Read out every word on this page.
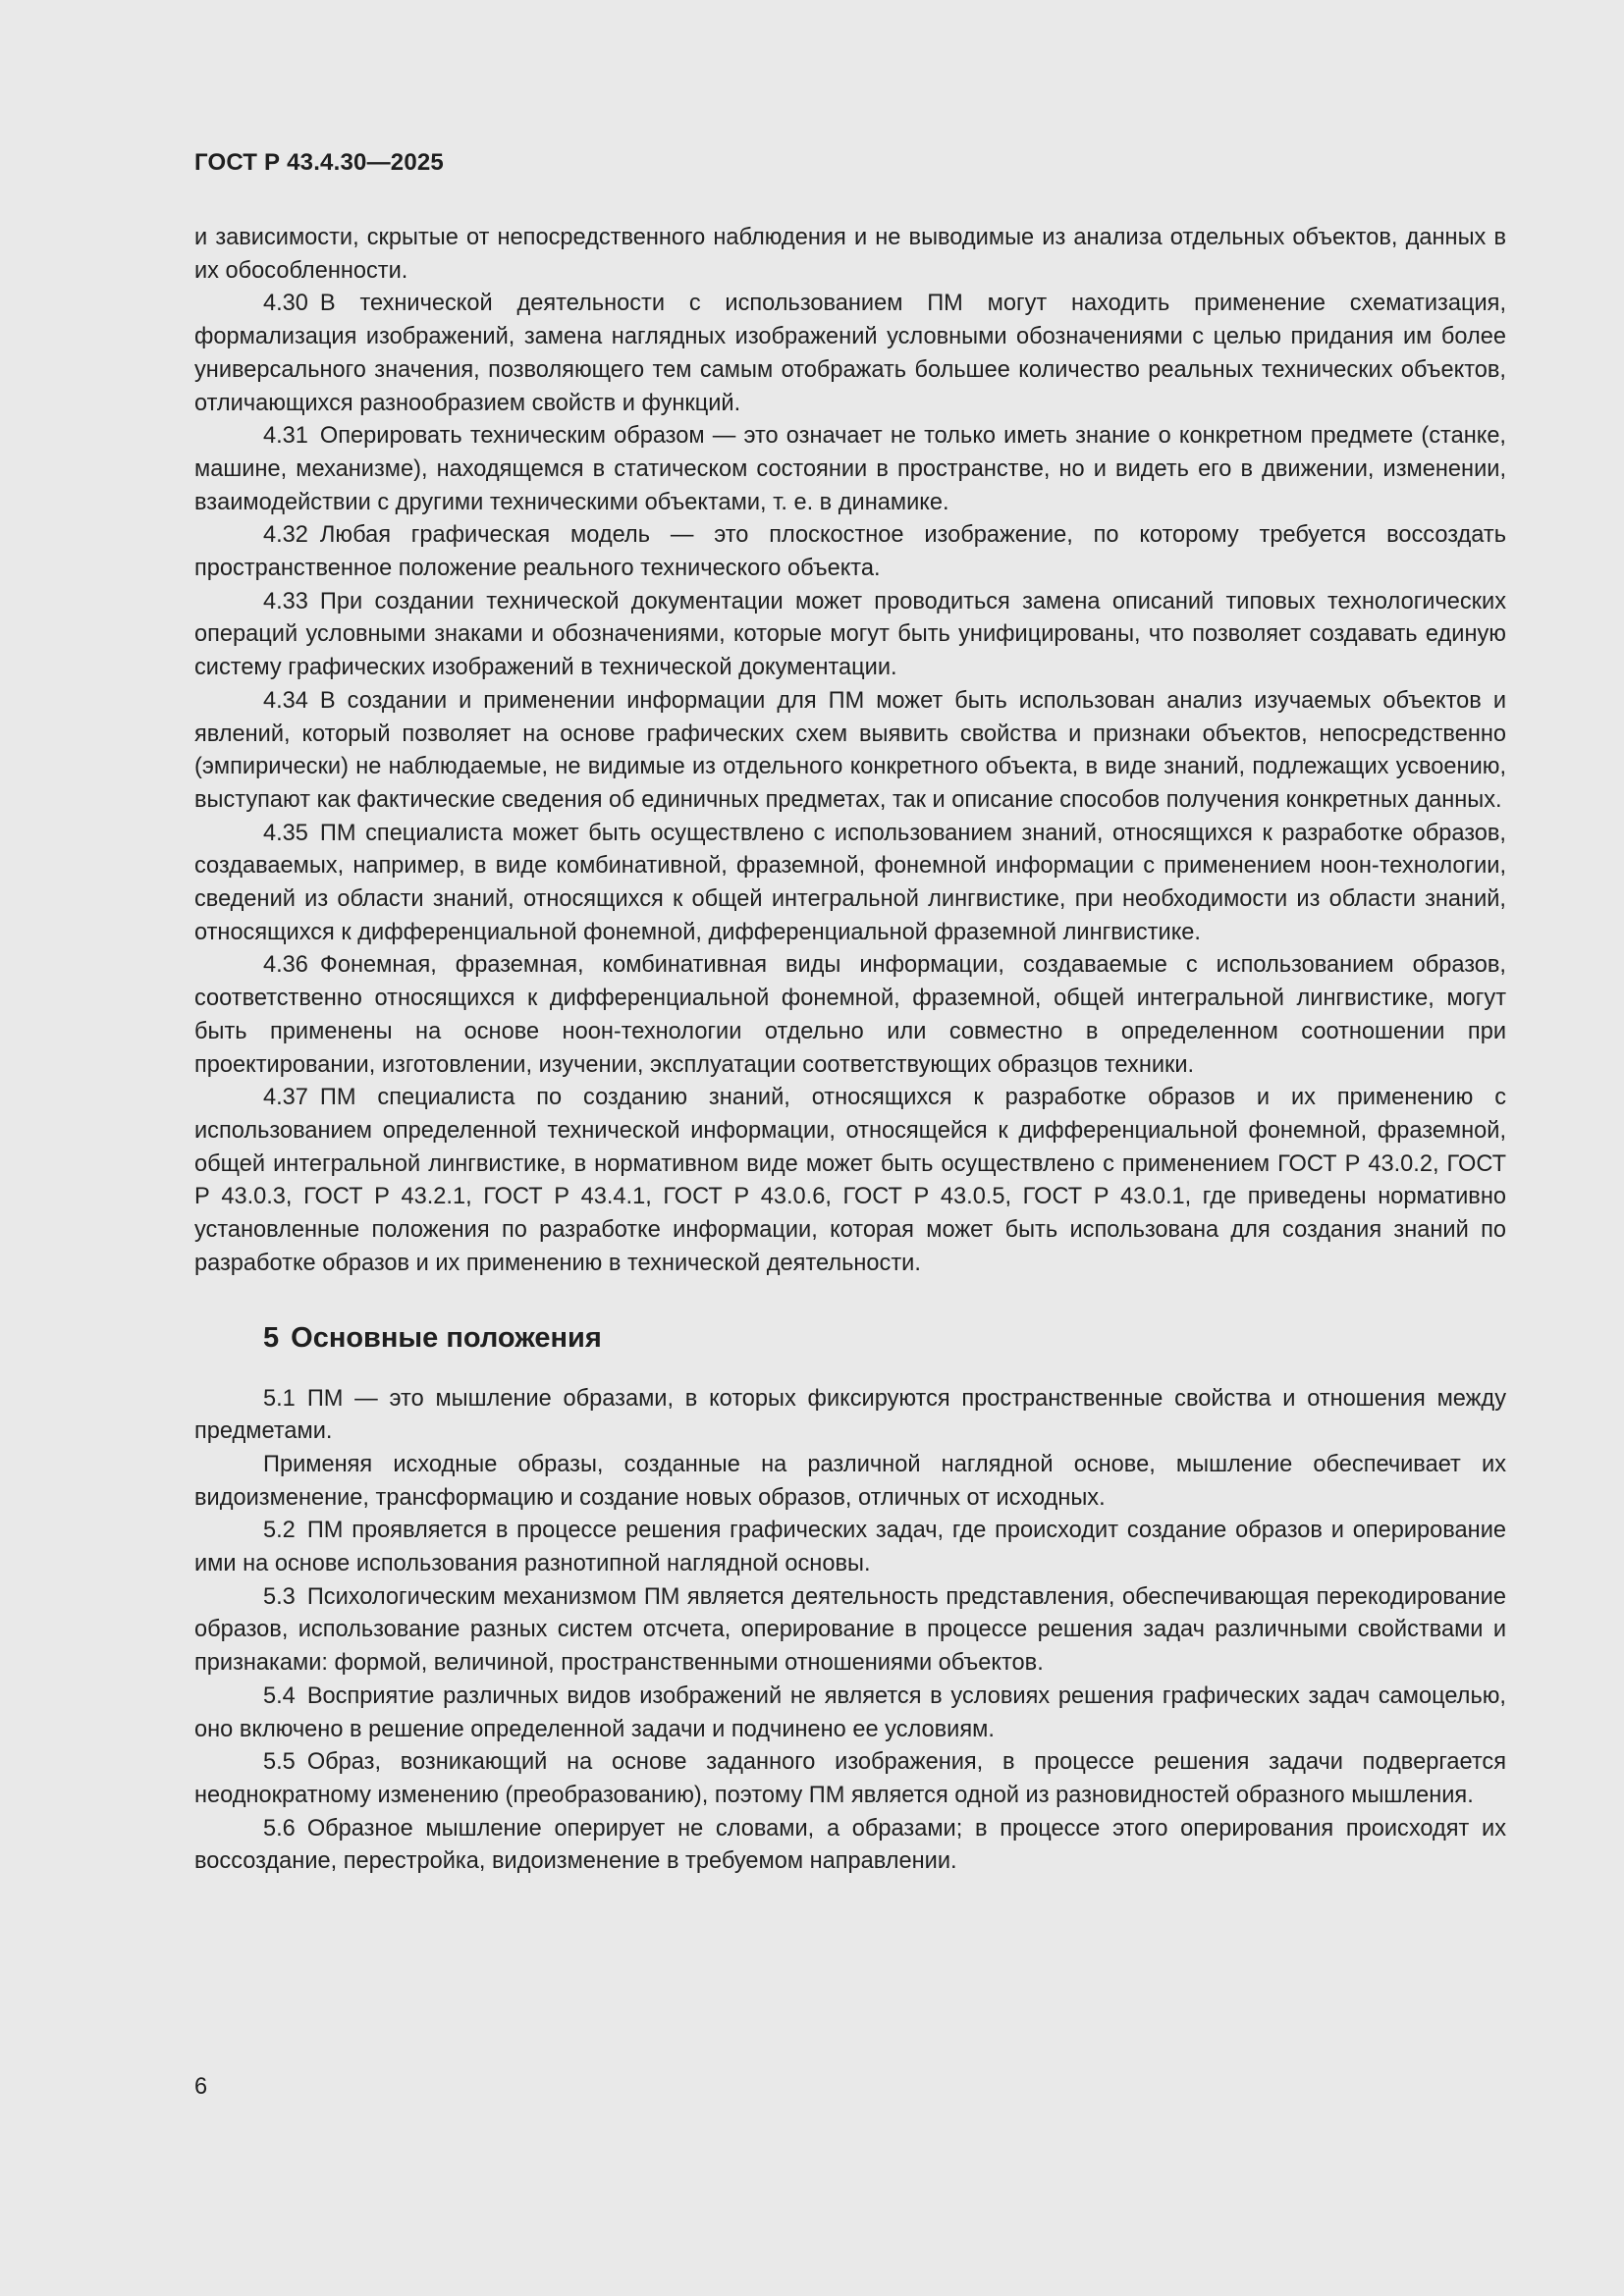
ГОСТ Р 43.4.30—2025

и зависимости, скрытые от непосредственного наблюдения и не выводимые из анализа отдельных объектов, данных в их обособленности.

4.30 В технической деятельности с использованием ПМ могут находить применение схематизация, формализация изображений, замена наглядных изображений условными обозначениями с целью придания им более универсального значения, позволяющего тем самым отображать большее количество реальных технических объектов, отличающихся разнообразием свойств и функций.

4.31 Оперировать техническим образом — это означает не только иметь знание о конкретном предмете (станке, машине, механизме), находящемся в статическом состоянии в пространстве, но и видеть его в движении, изменении, взаимодействии с другими техническими объектами, т. е. в динамике.

4.32 Любая графическая модель — это плоскостное изображение, по которому требуется воссоздать пространственное положение реального технического объекта.

4.33 При создании технической документации может проводиться замена описаний типовых технологических операций условными знаками и обозначениями, которые могут быть унифицированы, что позволяет создавать единую систему графических изображений в технической документации.

4.34 В создании и применении информации для ПМ может быть использован анализ изучаемых объектов и явлений, который позволяет на основе графических схем выявить свойства и признаки объектов, непосредственно (эмпирически) не наблюдаемые, не видимые из отдельного конкретного объекта, в виде знаний, подлежащих усвоению, выступают как фактические сведения об единичных предметах, так и описание способов получения конкретных данных.

4.35 ПМ специалиста может быть осуществлено с использованием знаний, относящихся к разработке образов, создаваемых, например, в виде комбинативной, фраземной, фонемной информации с применением ноон-технологии, сведений из области знаний, относящихся к общей интегральной лингвистике, при необходимости из области знаний, относящихся к дифференциальной фонемной, дифференциальной фраземной лингвистике.

4.36 Фонемная, фраземная, комбинативная виды информации, создаваемые с использованием образов, соответственно относящихся к дифференциальной фонемной, фраземной, общей интегральной лингвистике, могут быть применены на основе ноон-технологии отдельно или совместно в определенном соотношении при проектировании, изготовлении, изучении, эксплуатации соответствующих образцов техники.

4.37 ПМ специалиста по созданию знаний, относящихся к разработке образов и их применению с использованием определенной технической информации, относящейся к дифференциальной фонемной, фраземной, общей интегральной лингвистике, в нормативном виде может быть осуществлено с применением ГОСТ Р 43.0.2, ГОСТ Р 43.0.3, ГОСТ Р 43.2.1, ГОСТ Р 43.4.1, ГОСТ Р 43.0.6, ГОСТ Р 43.0.5, ГОСТ Р 43.0.1, где приведены нормативно установленные положения по разработке информации, которая может быть использована для создания знаний по разработке образов и их применению в технической деятельности.

5 Основные положения

5.1 ПМ — это мышление образами, в которых фиксируются пространственные свойства и отношения между предметами.

Применяя исходные образы, созданные на различной наглядной основе, мышление обеспечивает их видоизменение, трансформацию и создание новых образов, отличных от исходных.

5.2 ПМ проявляется в процессе решения графических задач, где происходит создание образов и оперирование ими на основе использования разнотипной наглядной основы.

5.3 Психологическим механизмом ПМ является деятельность представления, обеспечивающая перекодирование образов, использование разных систем отсчета, оперирование в процессе решения задач различными свойствами и признаками: формой, величиной, пространственными отношениями объектов.

5.4 Восприятие различных видов изображений не является в условиях решения графических задач самоцелью, оно включено в решение определенной задачи и подчинено ее условиям.

5.5 Образ, возникающий на основе заданного изображения, в процессе решения задачи подвергается неоднократному изменению (преобразованию), поэтому ПМ является одной из разновидностей образного мышления.

5.6 Образное мышление оперирует не словами, а образами; в процессе этого оперирования происходят их воссоздание, перестройка, видоизменение в требуемом направлении.

6
